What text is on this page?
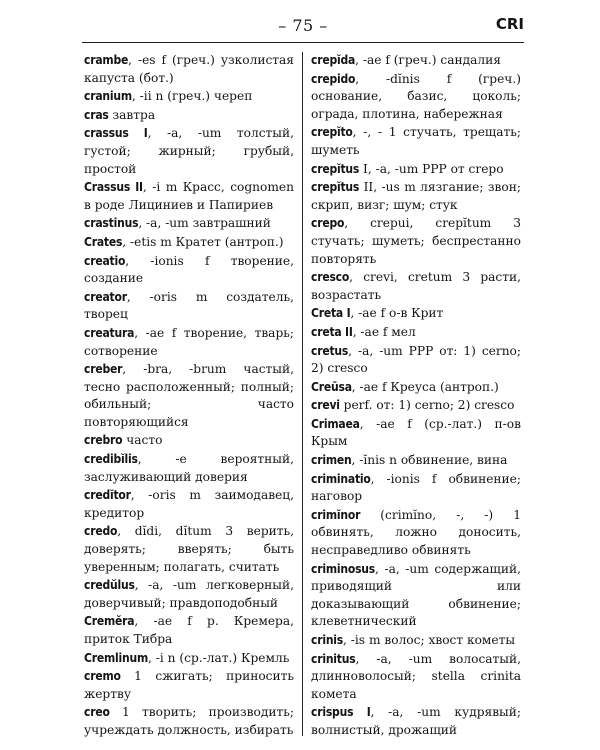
– 75 –	CRI
crambe, -es f (греч.) узколистая капуста (бот.)
cranium, -ii n (греч.) череп
cras завтра
crassus I, -a, -um толстый, густой; жирный; грубый, простой
Crassus II, -i m Красс, cognomen в роде Лициниев и Папириев
crastinus, -a, -um завтрашний
Crates, -etis m Кратет (антроп.)
creatio, -ionis f творение, создание
creator, -oris m создатель, творец
creatura, -ae f творение, тварь; сотворение
creber, -bra, -brum частый, тесно расположенный; полный; обильный; часто повторяющийся
crebro часто
credibĭlis, -e вероятный, заслуживающий доверия
credĭtor, -oris m заимодавец, кредитор
credo, dĭdi, dĭtum 3 верить, доверять; вверять; быть уверенным; полагать, считать
credŭlus, -a, -um легковерный, доверчивый; правдоподобный
Cremĕra, -ae f p. Кремера, приток Тибра
Cremlinum, -i n (ср.-лат.) Кремль
cremo 1 сжигать; приносить жертву
creo 1 творить; производить; учреждать должность, избирать
crepĭda, -ae f (греч.) сандалия
crepido, -dĭnis f (греч.) основание, базис, цоколь; ограда, плотина, набережная
crepĭto, -, - 1 стучать, трещать; шуметь
crepĭtus I, -a, -um PPP от crepo
crepĭtus II, -us m лязгание; звон; скрип, визг; шум; стук
crepo, crepui, crepĭtum 3 стучать; шуметь; беспрестанно повторять
cresco, crevi, cretum 3 расти, возрастать
Creta I, -ae f о-в Крит
creta II, -ae f мел
cretus, -a, -um PPP от: 1) cerno; 2) cresco
Creūsa, -ae f Креуса (антроп.)
crevi perf. от: 1) cerno; 2) cresco
Crimaea, -ae f (ср.-лат.) п-ов Крым
crimen, -ĭnis n обвинение, вина
criminatio, -ionis f обвинение; наговор
crimĭnor (crimĭno, -, -) 1 обвинять, ложно доносить, несправедливо обвинять
criminosus, -a, -um содержащий, приводящий или доказывающий обвинение; клеветнический
crinis, -is m волос; хвост кометы
crinitus, -a, -um волосатый, длинноволосый; stella crinita комета
crispus I, -a, -um кудрявый; волнистый, дрожащий
